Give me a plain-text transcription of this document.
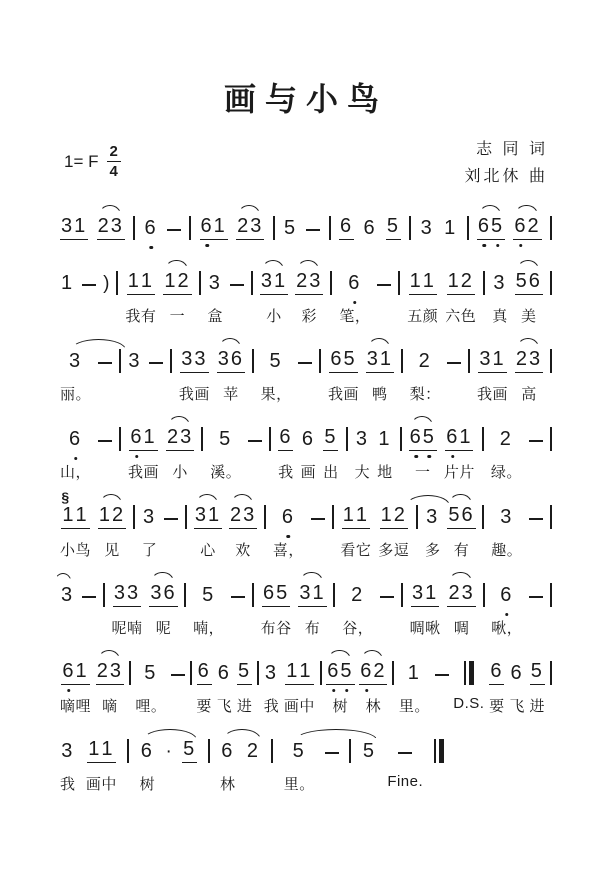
画与小鸟
1= F $\frac{2}{4}$	志 同 词
刘北休 曲
31 23 6 61 23 5 6 6 5 3 1 65 62
1 ) 11
我有
12
一
3
盒
31
小
23
彩
6
笔，
11
五颜
12
六色
3
真
56
美
3
丽。
3 33
我画
36
苹
5
果，
65
我画
31
鸭
2
梨：
31
我画
23
高
6
山，
61
我画
23
小
5
溪。
6
我
6
画
5
出
3
大
1
地
65
一
61
片片
2
绿。
§
11
小鸟
12
见
3
了
31
心
23
欢
6
喜，
11
看它
12
多逗
3
多
56
有
3
趣。
3 33
呢喃
36
呢
5
喃，
65
布谷
31
布
2
谷，
31
啁啾
23
啁
6
啾，
61
嘀哩
23
嘀
5
哩。
6
要
6
飞
5
进
3
我
11
画中
65
树
62
林
1
里。 D.S.
6
要
6
飞
5
进
3
我
11
画中
6
树
· 5 6
林
2 5
里。
5
Fine.
